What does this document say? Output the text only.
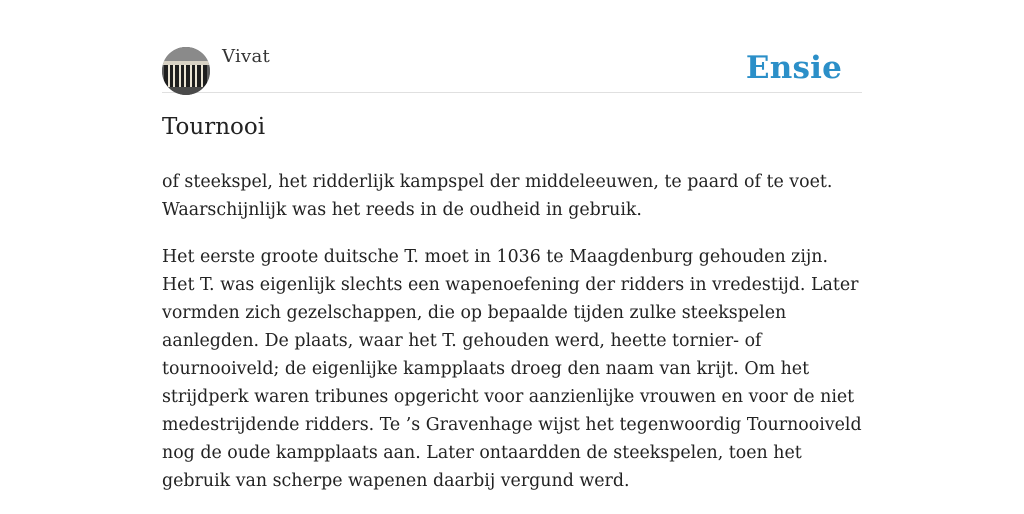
Vivat	Ensie
Tournooi

of steekspel, het ridderlijk kampspel der middeleeuwen, te paard of te voet. Waarschijnlijk was het reeds in de oudheid in gebruik.

Het eerste groote duitsche T. moet in 1036 te Maagdenburg gehouden zijn. Het T. was eigenlijk slechts een wapenoefening der ridders in vredestijd. Later vormden zich gezelschappen, die op bepaalde tijden zulke steekspelen aanlegden. De plaats, waar het T. gehouden werd, heette tornier- of tournooiveld; de eigenlijke kampplaats droeg den naam van krijt. Om het strijdperk waren tribunes opgericht voor aanzienlijke vrouwen en voor de niet medestrijdende ridders. Te ’s Gravenhage wijst het tegenwoordig Tournooiveld nog de oude kampplaats aan. Later ontaardden de steekspelen, toen het gebruik van scherpe wapenen daarbij vergund werd.
